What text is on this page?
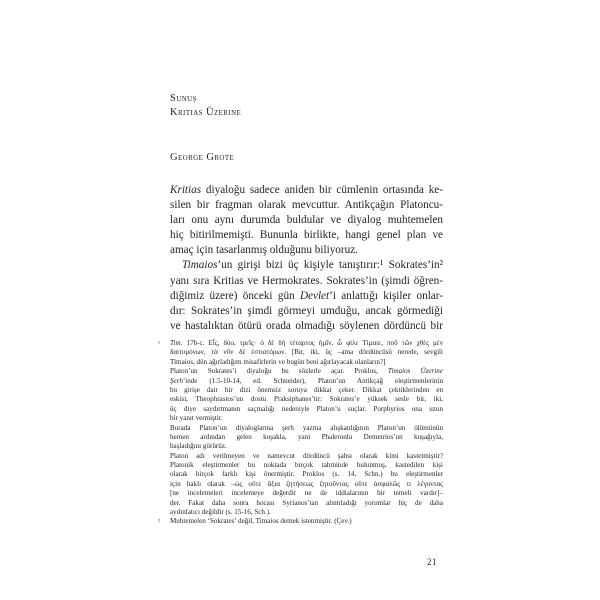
Sunuş
Kritias Üzerine
George Grote
Kritias diyaloğu sadece aniden bir cümlenin ortasında ke-
silen bir fragman olarak mevcuttur. Antikçağın Platoncu-
ları onu aynı durumda buldular ve diyalog muhtemelen
hiç bitirilmemişti. Bununla birlikte, hangi genel plan ve
amaç için tasarlanmış olduğunu biliyoruz.
Timaios’un girişi bizi üç kişiyle tanıştırır:¹ Sokrates’in²
yanı sıra Kritias ve Hermokrates. Sokrates’in (şimdi öğren-
diğimiz üzere) önceki gün Devlet’i anlattığı kişiler onlar-
dır: Sokrates’in şimdi görmeyi umduğu, ancak görmediği
ve hastalıktan ötürü orada olmadığı söylenen dördüncü bir
¹ Tim. 17b-c. Εἷς, δύο, τρεῖς· ὁ δὲ δὴ τέταρτος ἡμῖν, ὦ φίλε Τίμαιε, ποῦ τῶν χθὲς μὲν
δαιτυμόνων, τὰ νῦν δὲ ἑστιατόρων. [Bir, iki, üç –ama dördüncüsü nerede, sevgili
Timaios, dün ağırladığım misafirlerin ve bugün beni ağırlayacak olanların?]
Platon’un Sokrates’i diyaloğu bu sözlerle açar. Proklos, Timaios Üzerine
Şerh’inde (1.5-10-14, ed. Schneider), Platon’un Antikçağ eleştirmenlerinin
bu girişe dair bir dizi önemsiz soruya dikkat çeker. Dikkat çektiklerinden en
eskisi, Theophrastos’un dostu Praksiphanes’tir: Sokrates’e yüksek sesle bir, iki,
üç diye saydırtmanın saçmalığı nedeniyle Platon’u suçlar. Porphyrios ona uzun
bir yanıt vermiştir.
Burada Platon’un diyaloglarına şerh yazma alışkanlığının Platon’un ölümünün
hemen ardından gelen kuşakla, yani Phaleronlu Demetrios’un kuşağıyla,
başladığını görürüz.
Platon adı verilmeyen ve namevcut dördüncü şahsı olarak kimi kastetmiştir?
Platonik eleştirmenler bu noktada birçok tahminde bulunmuş, kastedilen kişi
olarak birçok farklı kişi önermiştir. Proklos (s. 14, Schn.) bu eleştirmenler
için haklı olarak –ὡς οὔτε ἄξια ζητήσεως ζητοῦντας οὔτε ἀσφαλῶς τι λέγοντας
[ne incelemeleri incelemeye değerdir ne de iddialarının bir temeli vardır]–
der. Fakat daha sonra hocası Syrianos’tan alıntıladığı yorumlar hiç de daha
aydınlatıcı değildir (s. 15-16, Sch.).
² Muhtemelen ‘Sokrates’ değil, Timaios demek istenmiştir. (Çev.)
21
